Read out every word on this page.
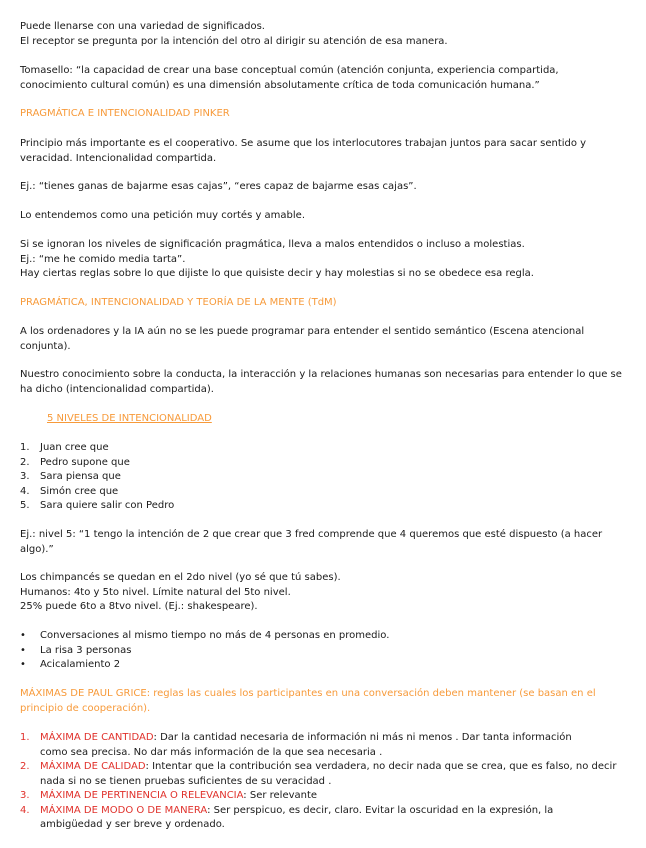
Puede llenarse con una variedad de significados.
El receptor se pregunta por la intención del otro al dirigir su atención de esa manera.
Tomasello: “la capacidad de crear una base conceptual común (atención conjunta, experiencia compartida, conocimiento cultural común) es una dimensión absolutamente crítica de toda comunicación humana.”
PRAGMÁTICA E INTENCIONALIDAD PINKER
Principio más importante es el cooperativo. Se asume que los interlocutores trabajan juntos para sacar sentido y veracidad. Intencionalidad compartida.
Ej.: “tienes ganas de bajarme esas cajas”, “eres capaz de bajarme esas cajas”.
Lo entendemos como una petición muy cortés y amable.
Si se ignoran los niveles de significación pragmática, lleva a malos entendidos o incluso a molestias.
Ej.: “me he comido media tarta”.
Hay ciertas reglas sobre lo que dijiste lo que quisiste decir y hay molestias si no se obedece esa regla.
PRAGMÁTICA, INTENCIONALIDAD Y TEORÍA DE LA MENTE (TdM)
A los ordenadores y la IA aún no se les puede programar para entender el sentido semántico (Escena atencional conjunta).
Nuestro conocimiento sobre la conducta, la interacción y la relaciones humanas son necesarias para entender lo que se ha dicho (intencionalidad compartida).
5 NIVELES DE INTENCIONALIDAD
1. Juan cree que
2. Pedro supone que
3. Sara piensa que
4. Simón cree que
5. Sara quiere salir con Pedro
Ej.: nivel 5: “1 tengo la intención de 2 que crear que 3 fred comprende que 4 queremos que esté dispuesto (a hacer algo).”
Los chimpancés se quedan en el 2do nivel (yo sé que tú sabes).
Humanos: 4to y 5to nivel. Límite natural del 5to nivel.
25% puede 6to a 8tvo nivel. (Ej.: shakespeare).
• Conversaciones al mismo tiempo no más de 4 personas en promedio.
• La risa 3 personas
• Acicalamiento 2
MÁXIMAS DE PAUL GRICE: reglas las cuales los participantes en una conversación deben mantener (se basan en el principio de cooperación).
1. MÁXIMA DE CANTIDAD: Dar la cantidad necesaria de información ni más ni menos . Dar tanta información
como sea precisa. No dar más información de la que sea necesaria .
2. MÁXIMA DE CALIDAD: Intentar que la contribución sea verdadera, no decir nada que se crea, que es falso, no decir
nada si no se tienen pruebas suficientes de su veracidad .
3. MÁXIMA DE PERTINENCIA O RELEVANCIA: Ser relevante
4. MÁXIMA DE MODO O DE MANERA: Ser perspicuo, es decir, claro. Evitar la oscuridad en la expresión, la
ambigüedad y ser breve y ordenado.
